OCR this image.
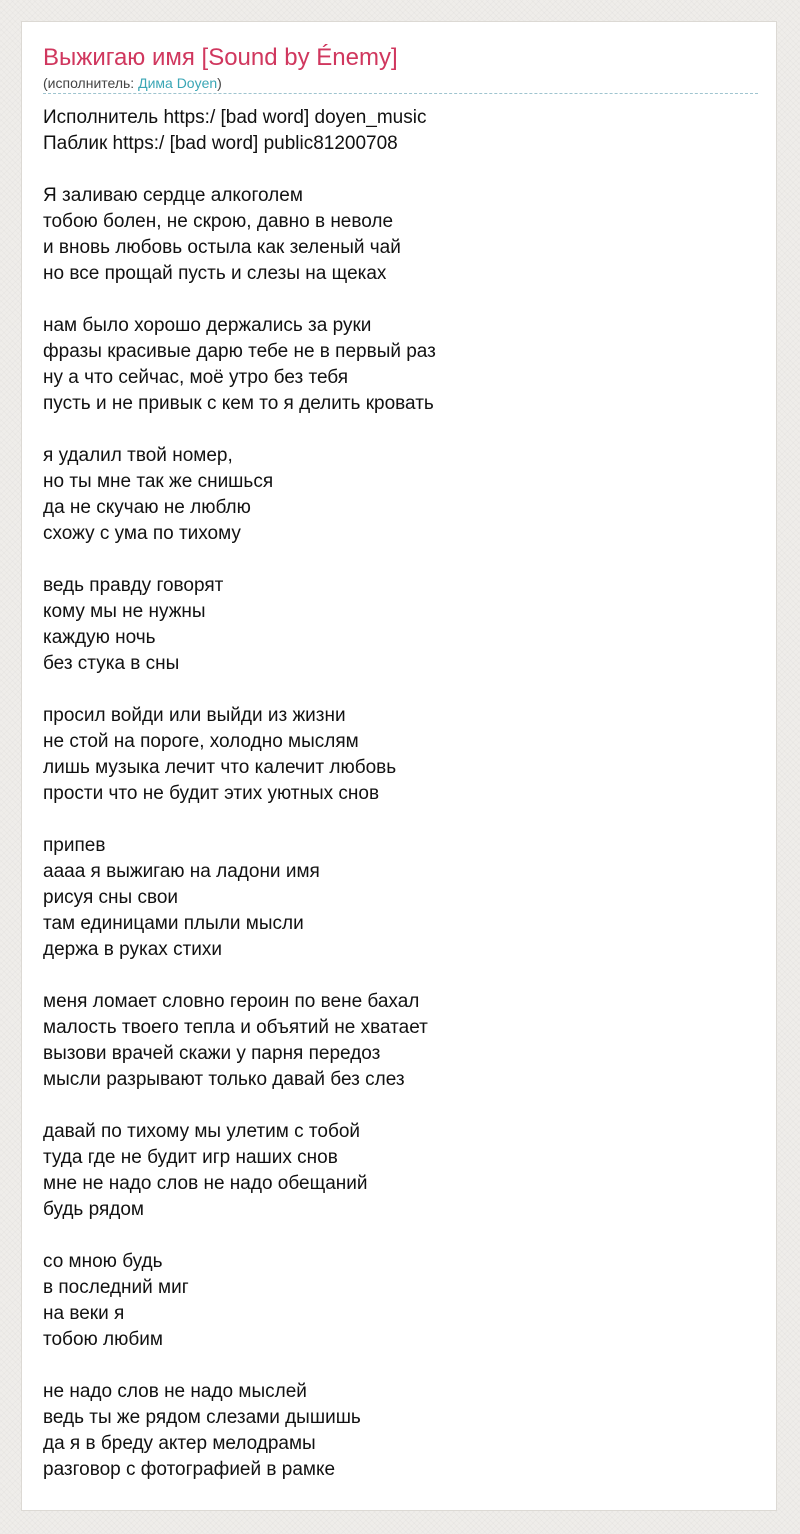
Выжигаю имя [Sound by Énemy]
(исполнитель: Дима Doyen)
Исполнитель https:/ [bad word] doyen_music
Паблик https:/ [bad word] public81200708
Я заливаю сердце алкоголем
тобою болен, не скрою, давно в неволе
и вновь любовь остыла как зеленый чай
но все прощай пусть и слезы на щеках
нам было хорошо держались за руки
фразы красивые дарю тебе не в первый раз
ну а что сейчас, моё утро без тебя
пусть и не привык с кем то я делить кровать
я удалил твой номер,
но ты мне так же снишься
да не скучаю не люблю
схожу с ума по тихому
ведь правду говорят
кому мы не нужны
каждую ночь
без стука в сны
просил войди или выйди из жизни
не стой на пороге, холодно мыслям
лишь музыка лечит что калечит любовь
прости что не будит этих уютных снов
припев
аааа я выжигаю на ладони имя
рисуя сны свои
там единицами плыли мысли
держа в руках стихи
меня ломает словно героин по вене бахал
малость твоего тепла и объятий не хватает
вызови врачей скажи у парня передоз
мысли разрывают только давай без слез
давай по тихому мы улетим с тобой
туда где не будит игр наших снов
мне не надо слов не надо обещаний
будь рядом
со мною будь
в последний миг
на веки я
тобою любим
не надо слов не надо мыслей
ведь ты же рядом слезами дышишь
да я в бреду актер мелодрамы
разговор с фотографией в рамке
